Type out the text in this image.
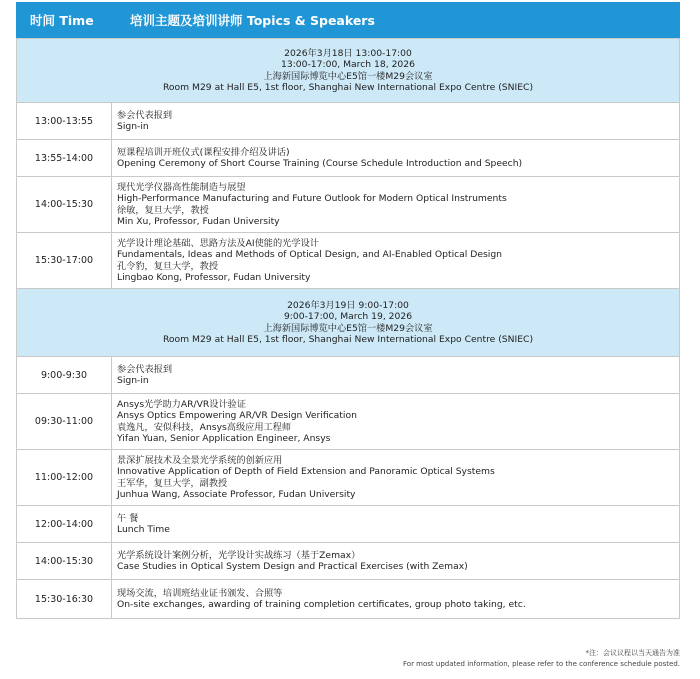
时间 Time	培训主题及培训讲师 Topics & Speakers
2026年3月18日 13:00-17:00
13:00-17:00, March 18, 2026
上海新国际博览中心E5馆一楼M29会议室
Room M29 at Hall E5, 1st floor, Shanghai New International Expo Centre (SNIEC)
13:00-13:55
参会代表报到
Sign-in
13:55-14:00
短课程培训开班仪式(课程安排介绍及讲话)
Opening Ceremony of Short Course Training (Course Schedule Introduction and Speech)
14:00-15:30
现代光学仪器高性能制造与展望
High-Performance Manufacturing and Future Outlook for Modern Optical Instruments
徐敏，复旦大学，教授
Min Xu, Professor, Fudan University
15:30-17:00
光学设计理论基础、思路方法及AI使能的光学设计
Fundamentals, Ideas and Methods of Optical Design, and AI-Enabled Optical Design
孔令豹，复旦大学，教授
Lingbao Kong, Professor, Fudan University
2026年3月19日 9:00-17:00
9:00-17:00, March 19, 2026
上海新国际博览中心E5馆一楼M29会议室
Room M29 at Hall E5, 1st floor, Shanghai New International Expo Centre (SNIEC)
9:00-9:30
参会代表报到
Sign-in
09:30-11:00
Ansys光学助力AR/VR设计验证
Ansys Optics Empowering AR/VR Design Verification
袁逸凡，安似科技，Ansys高级应用工程师
Yifan Yuan, Senior Application Engineer, Ansys
11:00-12:00
景深扩展技术及全景光学系统的创新应用
Innovative Application of Depth of Field Extension and Panoramic Optical Systems
王军华，复旦大学，副教授
Junhua Wang, Associate Professor, Fudan University
12:00-14:00
午 餐
Lunch Time
14:00-15:30
光学系统设计案例分析，光学设计实战练习（基于Zemax）
Case Studies in Optical System Design and Practical Exercises (with Zemax)
15:30-16:30
现场交流，培训班结业证书颁发、合照等
On-site exchanges, awarding of training completion certificates, group photo taking, etc.
*注：会议议程以当天通告为准
For most updated information, please refer to the conference schedule posted.
